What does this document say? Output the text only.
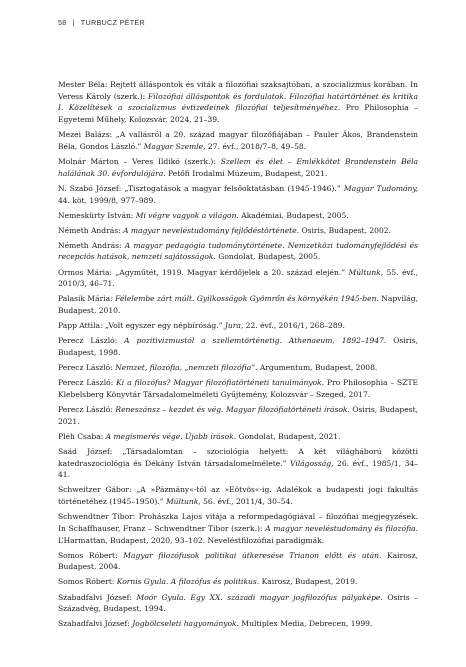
58 | TURBUCZ PÉTER

Mester Béla: Rejtett álláspontok és viták a filozófiai szaksajtóban, a szocializmus korában. In Veress Károly (szerk.): Filozófiai álláspontok és fordulatok. Filozófiai határtörténet és kritika I. Közelítések a szocializmus évtizedeinek filozófiai teljesítményéhez. Pro Philosophia – Egyetemi Műhely, Kolozsvár, 2024, 21–39.

Mezei Balázs: „A vallásról a 20. század magyar filozófiájában – Pauler Ákos, Brandenstein Béla, Gondos László.” Magyar Szemle, 27. évf., 2018/7–8, 49–58.

Molnár Márton – Veres Ildikó (szerk.): Szellem és élet – Emlékkötet Brandenstein Béla halálának 30. évfordulójára. Petőfi Irodalmi Múzeum, Budapest, 2021.

N. Szabó József: „Tisztogatások a magyar felsőoktatásban (1945-1946).” Magyar Tudomány, 44. köt. 1999/8, 977–989.

Nemeskürty István: Mi végre vagyok a világon. Akadémiai, Budapest, 2005.

Németh András: A magyar neveléstudomány fejlődéstörténete. Osiris, Budapest, 2002.

Németh András: A magyar pedagógia tudománytörténete. Nemzetközi tudományfejlődési és recepciós hatások, nemzeti sajátosságok. Gondolat, Budapest, 2005.

Ormos Mária: „Agyműtét, 1919. Magyar kérdőjelek a 20. század elején.” Múltunk, 55. évf., 2010/3, 46–71.

Palasik Mária: Félelembe zárt múlt. Gyilkosságok Gyömrőn és környékén 1945-ben. Napvilág, Budapest, 2010.

Papp Attila: „Volt egyszer egy népbíróság.” Jura, 22. évf., 2016/1, 268–289.

Perecz László: A pozitivizmustól a szellemtörténetig. Athenaeum, 1892–1947. Osiris, Budapest, 1998.

Perecz László: Nemzet, filozófia, „nemzeti filozófia”. Argumentum, Budapest, 2008.

Perecz László: Ki a filozófus? Magyar filozófiatörténeti tanulmányok. Pro Philosophia – SZTE Klebelsberg Könyvtár Társadalomelméleti Gyűjtemény, Kolozsvár – Szeged, 2017.

Perecz László: Reneszánsz – kezdet és vég. Magyar filozófiatörténeti írások. Osiris, Budapest, 2021.

Pléh Csaba: A megismerés vége. Újabb írások. Gondolat, Budapest, 2021.

Saád József: „Társadalomtan – szociológia helyett: A két világháború közötti katedraszociológia és Dékány István társadalomelmélete.” Világosság, 26. évf., 1985/1, 34–41.

Schweitzer Gábor: „A »Pázmány«-tól az »Eötvös«-ig. Adalékok a budapesti jogi fakultás történetéhez (1945–1950).” Múltunk, 56. évf., 2011/4, 30–54.

Schwendtner Tibor: Prohászka Lajos vitája a reformpedagógiával – filozófiai megjegyzések. In Schaffhauser, Franz – Schwendtner Tibor (szerk.): A magyar neveléstudomány és filozófia. L’Harmattan, Budapest, 2020, 93–102. Neveléstfilozófiai paradigmák.

Somos Róbert: Magyar filozófusok politikai útkeresése Trianon előtt és után. Kairosz, Budapest, 2004.

Somos Róbert: Kornis Gyula. A filozófus és politikus. Kairosz, Budapest, 2019.

Szabadfalvi József: Moór Gyula. Egy XX. századi magyar jogfilozófus pályaképe. Osiris – Századvég, Budapest, 1994.

Szabadfalvi József: Jogbölcseleti hagyományok. Multiplex Media, Debrecen, 1999.
